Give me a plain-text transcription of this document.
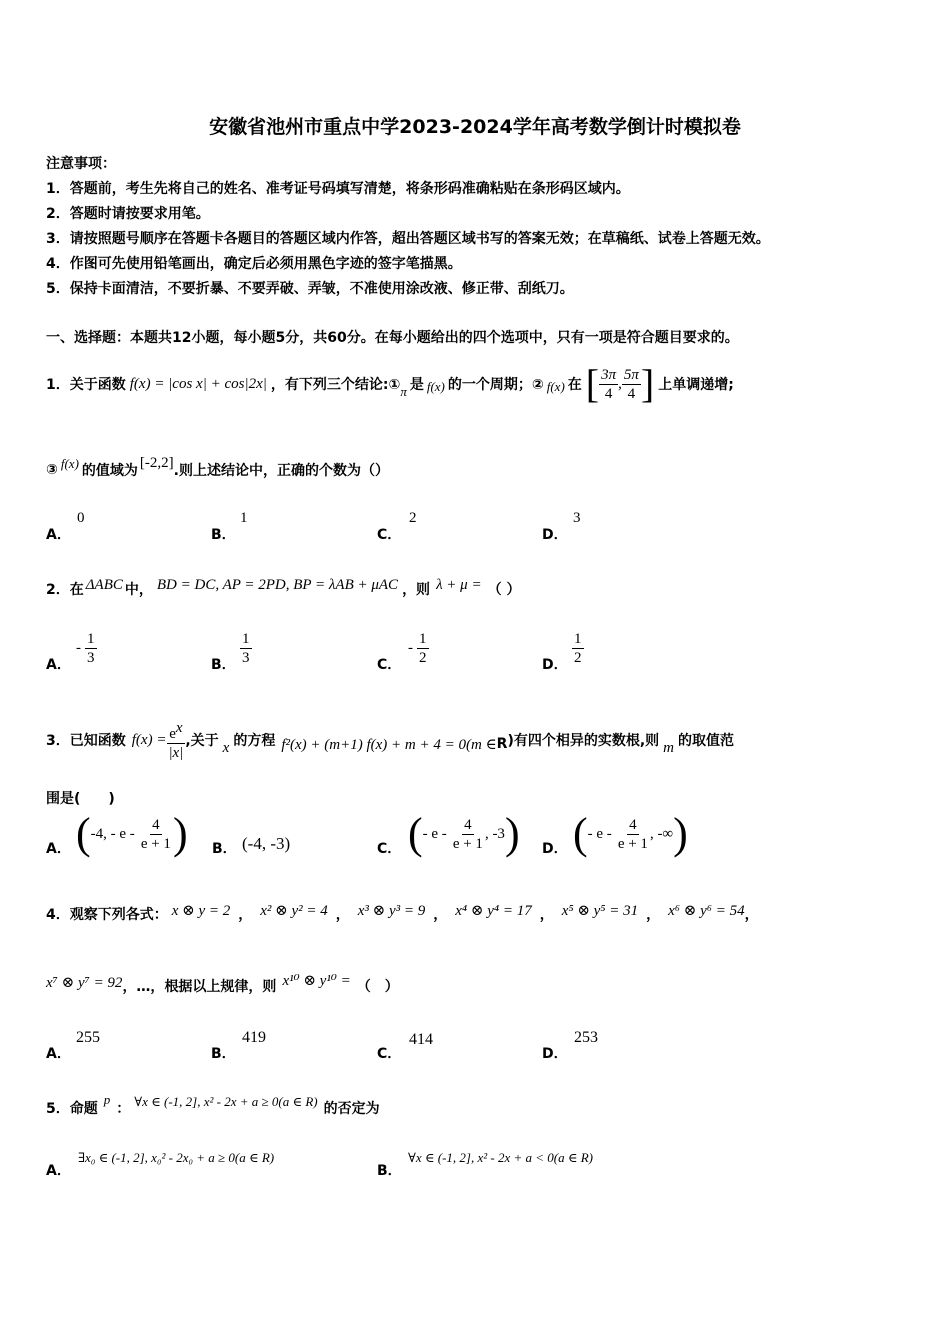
安徽省池州市重点中学2023-2024学年高考数学倒计时模拟卷
注意事项：
1．答题前，考生先将自己的姓名、准考证号码填写清楚，将条形码准确粘贴在条形码区域内。
2．答题时请按要求用笔。
3．请按照题号顺序在答题卡各题目的答题区域内作答，超出答题区域书写的答案无效；在草稿纸、试卷上答题无效。
4．作图可先使用铅笔画出，确定后必须用黑色字迹的签字笔描黑。
5．保持卡面清洁，不要折暴、不要弄破、弄皱，不准使用涂改液、修正带、刮纸刀。
一、选择题：本题共12小题，每小题5分，共60分。在每小题给出的四个选项中，只有一项是符合题目要求的。
1．关于函数 f(x) = |cos x| + cos|2x| ，有下列三个结论:① π 是 f(x) 的一个周期；② f(x) 在 [ $\frac{3\pi}{4}$ , $\frac{5\pi}{4}$ ] 上单调递增;
③ f(x) 的值域为
[-2,2]
.则上述结论中，正确的个数为（）
A．
0
B．
1
C．
2
D．
3
2．在 ΔABC 中， BD = DC, AP = 2PD, BP = λAB + μAC ，则 λ + μ = （ ）
A．
- $\frac{1}{3}$	B． $\frac{1}{3}$	C．
- $\frac{1}{2}$	D． $\frac{1}{2}$
3．已知函数 $f(x) = \frac{e^x}{|x|}$ ,关于 x 的方程 f²(x) + (m+1) f(x) + m + 4 = 0(m ∈ R )有四个相异的实数根,则 m 的取值范
围是(　　)
A． ( -4, - e - $\frac{4}{e + 1}$ ) B． (-4, -3)	C． ( - e - $\frac{4}{e + 1}$ , -3 ) D． ( - e - $\frac{4}{e + 1}$ , -∞ )
4．观察下列各式： x ⊗ y = 2 ， x² ⊗ y² = 4 ， x³ ⊗ y³ = 9 ， x⁴ ⊗ y⁴ = 17 ， x⁵ ⊗ y⁵ = 31 ， x⁶ ⊗ y⁶ = 54 ，
x⁷ ⊗ y⁷ = 92 ，…， 根据以上规律，则 x¹⁰ ⊗ y¹⁰ = （　）
A．
255
B．
419
C．
414
D．
253
5．命题
p
： ∀x ∈ (-1, 2], x² - 2x + a ≥ 0(a ∈ R) 的否定为
A．
∃x₀ ∈ (-1, 2], x₀² - 2x₀ + a ≥ 0(a ∈ R)
B．
∀x ∈ (-1, 2], x² - 2x + a < 0(a ∈ R)
